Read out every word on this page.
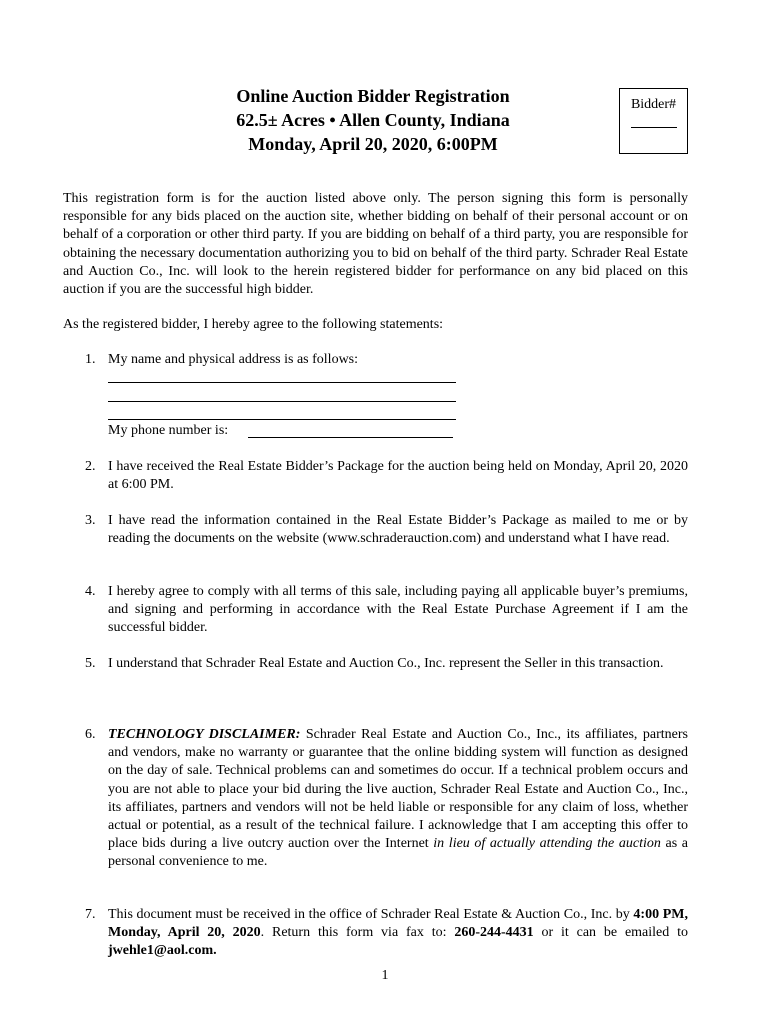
Online Auction Bidder Registration
62.5± Acres • Allen County, Indiana
Monday, April 20, 2020, 6:00PM
Bidder#
This registration form is for the auction listed above only. The person signing this form is personally responsible for any bids placed on the auction site, whether bidding on behalf of their personal account or on behalf of a corporation or other third party. If you are bidding on behalf of a third party, you are responsible for obtaining the necessary documentation authorizing you to bid on behalf of the third party. Schrader Real Estate and Auction Co., Inc. will look to the herein registered bidder for performance on any bid placed on this auction if you are the successful high bidder.
As the registered bidder, I hereby agree to the following statements:
1. My name and physical address is as follows:
My phone number is:
2. I have received the Real Estate Bidder’s Package for the auction being held on Monday, April 20, 2020 at 6:00 PM.
3. I have read the information contained in the Real Estate Bidder’s Package as mailed to me or by reading the documents on the website (www.schraderauction.com) and understand what I have read.
4. I hereby agree to comply with all terms of this sale, including paying all applicable buyer’s premiums, and signing and performing in accordance with the Real Estate Purchase Agreement if I am the successful bidder.
5. I understand that Schrader Real Estate and Auction Co., Inc. represent the Seller in this transaction.
6. TECHNOLOGY DISCLAIMER: Schrader Real Estate and Auction Co., Inc., its affiliates, partners and vendors, make no warranty or guarantee that the online bidding system will function as designed on the day of sale. Technical problems can and sometimes do occur. If a technical problem occurs and you are not able to place your bid during the live auction, Schrader Real Estate and Auction Co., Inc., its affiliates, partners and vendors will not be held liable or responsible for any claim of loss, whether actual or potential, as a result of the technical failure. I acknowledge that I am accepting this offer to place bids during a live outcry auction over the Internet in lieu of actually attending the auction as a personal convenience to me.
7. This document must be received in the office of Schrader Real Estate & Auction Co., Inc. by 4:00 PM, Monday, April 20, 2020. Return this form via fax to: 260-244-4431 or it can be emailed to jwehle1@aol.com.
1
